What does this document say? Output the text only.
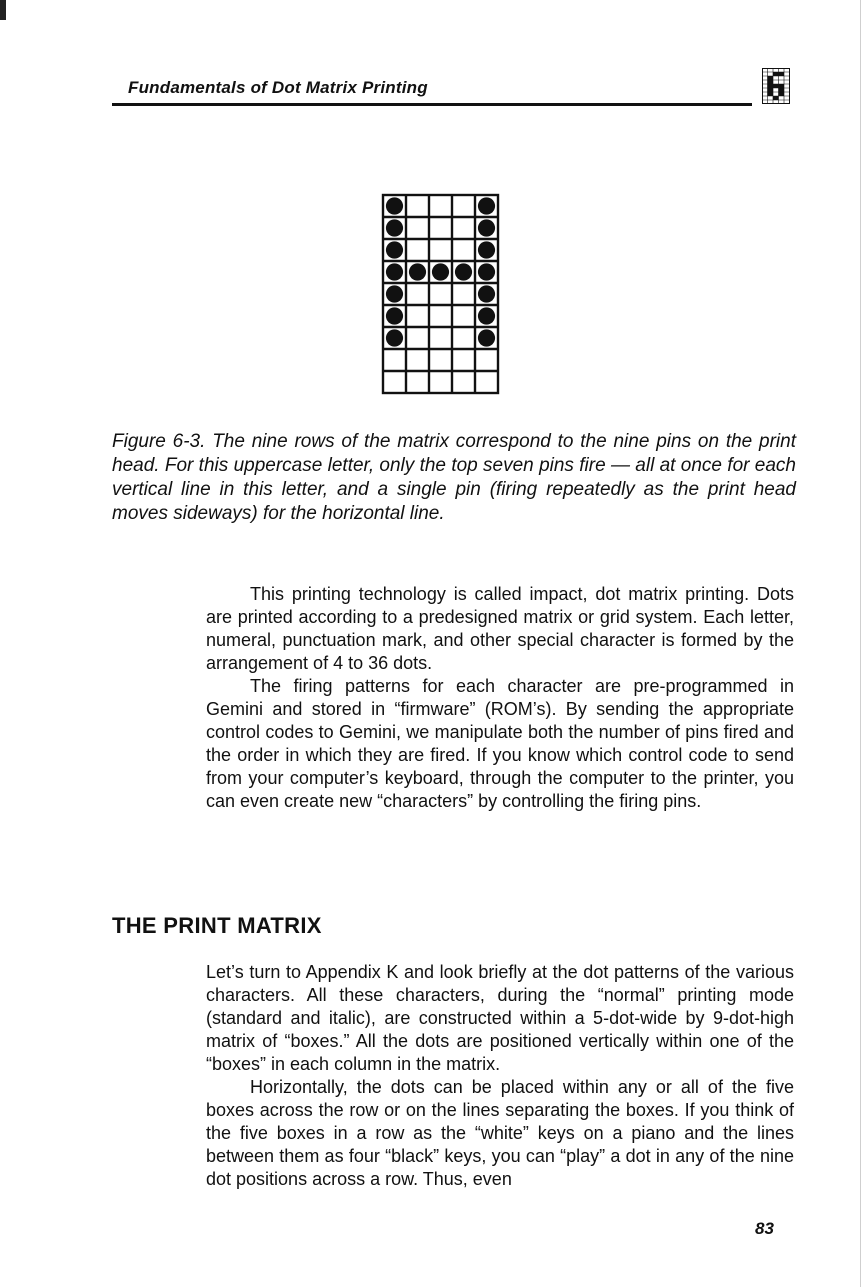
Fundamentals of Dot Matrix Printing

Figure 6-3. The nine rows of the matrix correspond to the nine pins on the print head. For this uppercase letter, only the top seven pins fire — all at once for each vertical line in this letter, and a single pin (firing repeatedly as the print head moves sideways) for the horizontal line.

This printing technology is called impact, dot matrix printing. Dots are printed according to a predesigned matrix or grid system. Each letter, numeral, punctuation mark, and other special character is formed by the arrangement of 4 to 36 dots.

The firing patterns for each character are pre-programmed in Gemini and stored in “firmware” (ROM’s). By sending the appropriate control codes to Gemini, we manipulate both the number of pins fired and the order in which they are fired. If you know which control code to send from your computer’s keyboard, through the computer to the printer, you can even create new “characters” by controlling the firing pins.

THE PRINT MATRIX

Let’s turn to Appendix K and look briefly at the dot patterns of the various characters. All these characters, during the “normal” printing mode (standard and italic), are constructed within a 5-dot-wide by 9-dot-high matrix of “boxes.” All the dots are positioned vertically within one of the “boxes” in each column in the matrix.

Horizontally, the dots can be placed within any or all of the five boxes across the row or on the lines separating the boxes. If you think of the five boxes in a row as the “white” keys on a piano and the lines between them as four “black” keys, you can “play” a dot in any of the nine dot positions across a row. Thus, even

83
